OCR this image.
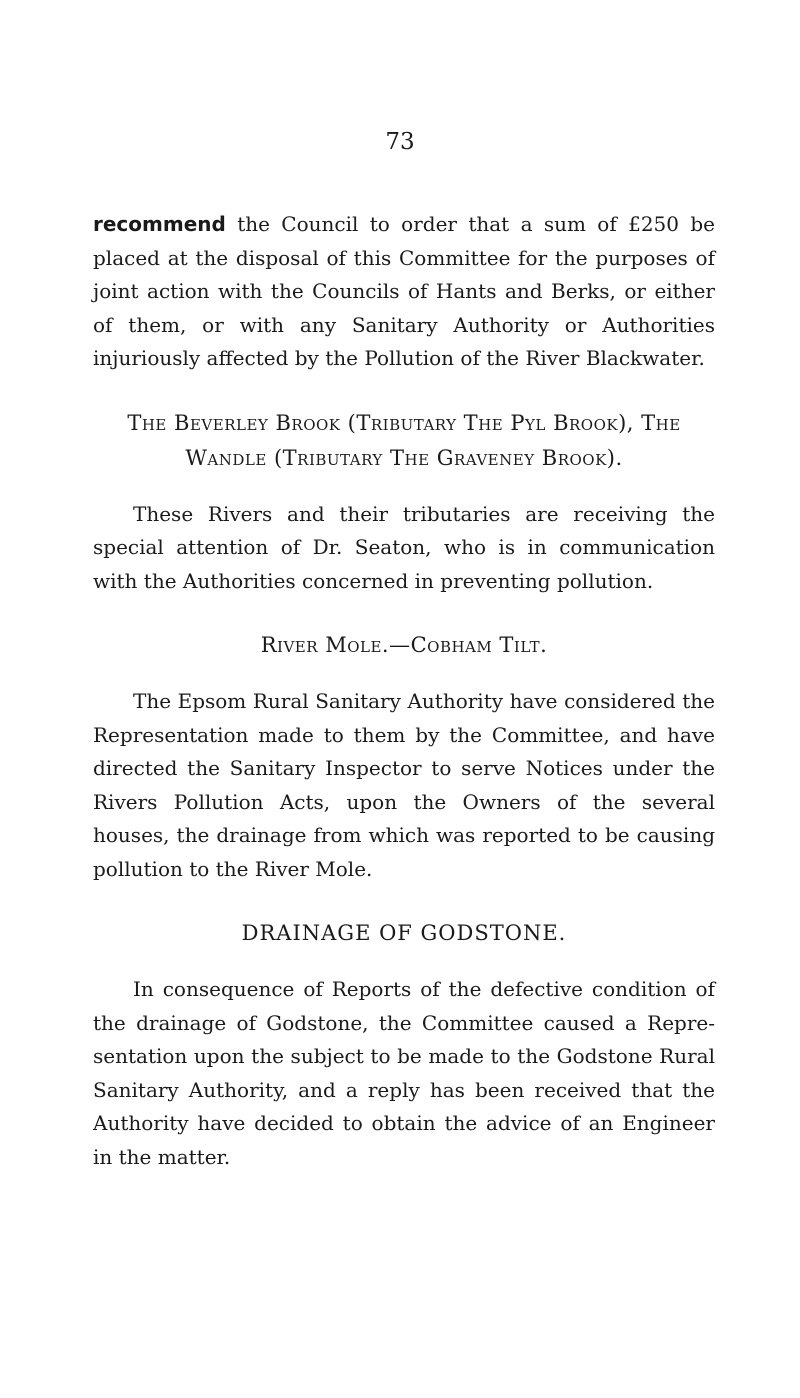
73

recommend the Council to order that a sum of £250 be placed at the disposal of this Committee for the purposes of joint action with the Councils of Hants and Berks, or either of them, or with any Sanitary Authority or Authorities injuriously affected by the Pollution of the River Blackwater.

The Beverley Brook (Tributary The Pyl Brook), The Wandle (Tributary The Graveney Brook).

These Rivers and their tributaries are receiving the special attention of Dr. Seaton, who is in communication with the Authorities concerned in preventing pollution.

River Mole.—Cobham Tilt.

The Epsom Rural Sanitary Authority have considered the Representation made to them by the Committee, and have directed the Sanitary Inspector to serve Notices under the Rivers Pollution Acts, upon the Owners of the several houses, the drainage from which was reported to be causing pollution to the River Mole.

DRAINAGE OF GODSTONE.

In consequence of Reports of the defective condition of the drainage of Godstone, the Committee caused a Repre-sentation upon the subject to be made to the Godstone Rural Sanitary Authority, and a reply has been received that the Authority have decided to obtain the advice of an Engineer in the matter.
